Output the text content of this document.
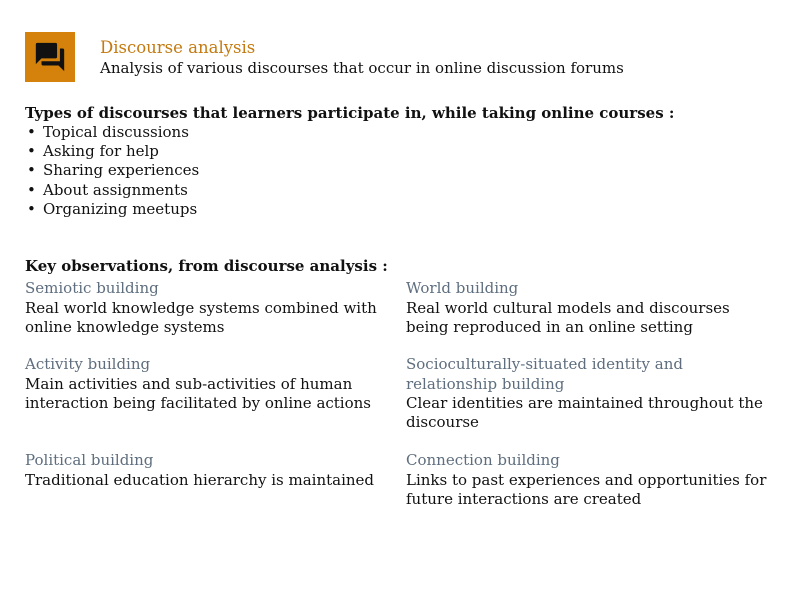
Discourse analysis
Analysis of various discourses that occur in online discussion forums
Types of discourses that learners participate in, while taking online courses :
• Topical discussions
• Asking for help
• Sharing experiences
• About assignments
• Organizing meetups
Key observations, from discourse analysis :
Semiotic building
Real world knowledge systems combined with online knowledge systems
World building
Real world cultural models and discourses being reproduced in an online setting
Activity building
Main activities and sub-activities of human interaction being facilitated by online actions
Socioculturally-situated identity and relationship building
Clear identities are maintained throughout the discourse
Political building
Traditional education hierarchy is maintained
Connection building
Links to past experiences and opportunities for future interactions are created
